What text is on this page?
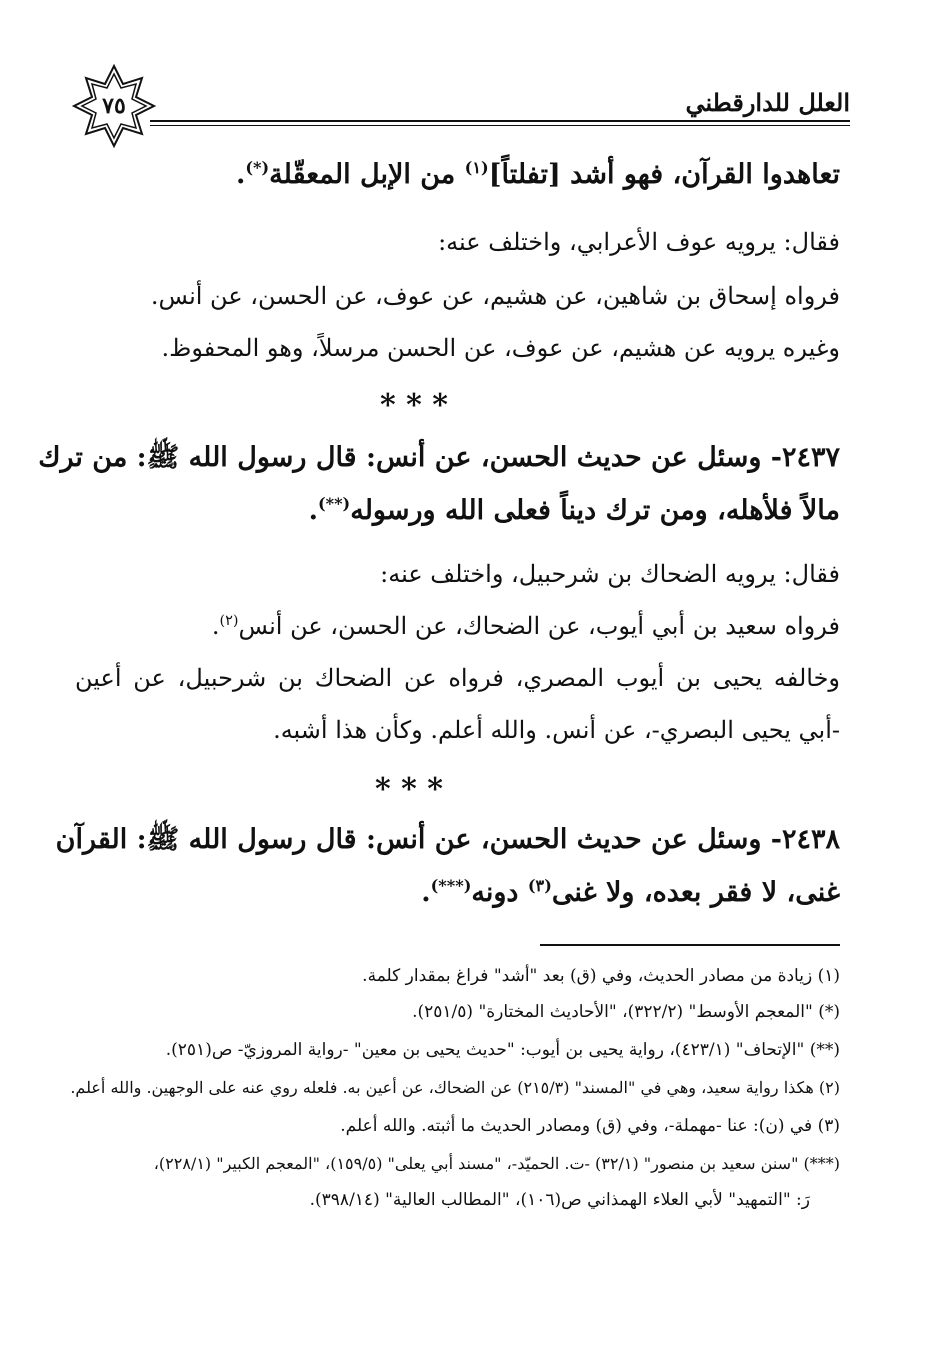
العلل للدارقطني
٧٥
تعاهدوا القرآن، فهو أشد [تفلتاً]$^{(١)}$ من الإبل المعقّلة(*).
فقال: يرويه عوف الأعرابي، واختلف عنه:
فرواه إسحاق بن شاهين، عن هشيم، عن عوف، عن الحسن، عن أنس.
وغيره يرويه عن هشيم، عن عوف، عن الحسن مرسلاً، وهو المحفوظ.
* * *
٢٤٣٧- وسئل عن حديث الحسن، عن أنس: قال رسول الله ﷺ: من ترك
مالاً فلأهله، ومن ترك ديناً فعلى الله ورسوله(**).
فقال: يرويه الضحاك بن شرحبيل، واختلف عنه:
فرواه سعيد بن أبي أيوب، عن الضحاك، عن الحسن، عن أنس$^{(٢)}$.
وخالفه يحيى بن أيوب المصري، فرواه عن الضحاك بن شرحبيل، عن أعين
-أبي يحيى البصري-، عن أنس. والله أعلم. وكأن هذا أشبه.
* * *
٢٤٣٨- وسئل عن حديث الحسن، عن أنس: قال رسول الله ﷺ: القرآن
غنى، لا فقر بعده، ولا غنى$^{(٣)}$ دونه(***).
(١) زيادة من مصادر الحديث، وفي (ق) بعد "أشد" فراغ بمقدار كلمة.
(*) "المعجم الأوسط" (٣٢٢/٢)، "الأحاديث المختارة" (٢٥١/٥).
(**) "الإتحاف" (٤٢٣/١)، رواية يحيى بن أيوب: "حديث يحيى بن معين" -رواية المروزيّ- ص(٢٥١).
(٢) هكذا رواية سعيد، وهي في "المسند" (٢١٥/٣) عن الضحاك، عن أعين به. فلعله روي عنه على الوجهين. والله أعلم.
(٣) في (ن): عنا -مهملة-، وفي (ق) ومصادر الحديث ما أثبته. والله أعلم.
(***) "سنن سعيد بن منصور" (٣٢/١) -ت. الحميّد-، "مسند أبي يعلى" (١٥٩/٥)، "المعجم الكبير" (٢٢٨/١)،
رَ: "التمهيد" لأبي العلاء الهمذاني ص(١٠٦)، "المطالب العالية" (٣٩٨/١٤).
